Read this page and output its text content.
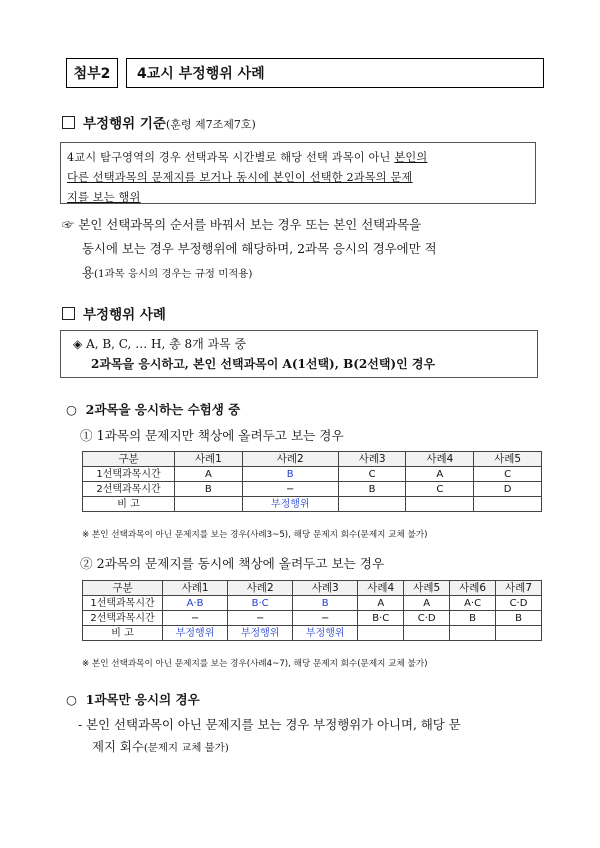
첨부2	4교시 부정행위 사례
부정행위 기준(훈령 제7조제7호)
4교시 탐구영역의 경우 선택과목 시간별로 해당 선택 과목이 아닌 본인의
다른 선택과목의 문제지를 보거나 동시에 본인이 선택한 2과목의 문제
지를 보는 행위
☞ 본인 선택과목의 순서를 바꿔서 보는 경우 또는 본인 선택과목을
동시에 보는 경우 부정행위에 해당하며, 2과목 응시의 경우에만 적
용(1과목 응시의 경우는 규정 미적용)
부정행위 사례
◈ A, B, C, … H, 총 8개 과목 중
2과목을 응시하고, 본인 선택과목이 A(1선택), B(2선택)인 경우
○ 2과목을 응시하는 수험생 중
① 1과목의 문제지만 책상에 올려두고 보는 경우
구분	사례1	사례2	사례3	사례4	사례5
1선택과목시간	A	B	C	A	C
2선택과목시간	B	−	B	C	D
비 고		부정행위			
※ 본인 선택과목이 아닌 문제지를 보는 경우(사례3~5), 해당 문제지 회수(문제지 교체 불가)
② 2과목의 문제지를 동시에 책상에 올려두고 보는 경우
구분	사례1	사례2	사례3	사례4	사례5	사례6	사례7
1선택과목시간	A·B	B·C	B	A	A	A·C	C·D
2선택과목시간	−	−	−	B·C	C·D	B	B
비 고	부정행위	부정행위	부정행위				
※ 본인 선택과목이 아닌 문제지를 보는 경우(사례4~7), 해당 문제지 회수(문제지 교체 불가)
○ 1과목만 응시의 경우
- 본인 선택과목이 아닌 문제지를 보는 경우 부정행위가 아니며, 해당 문
제지 회수(문제지 교체 불가)
